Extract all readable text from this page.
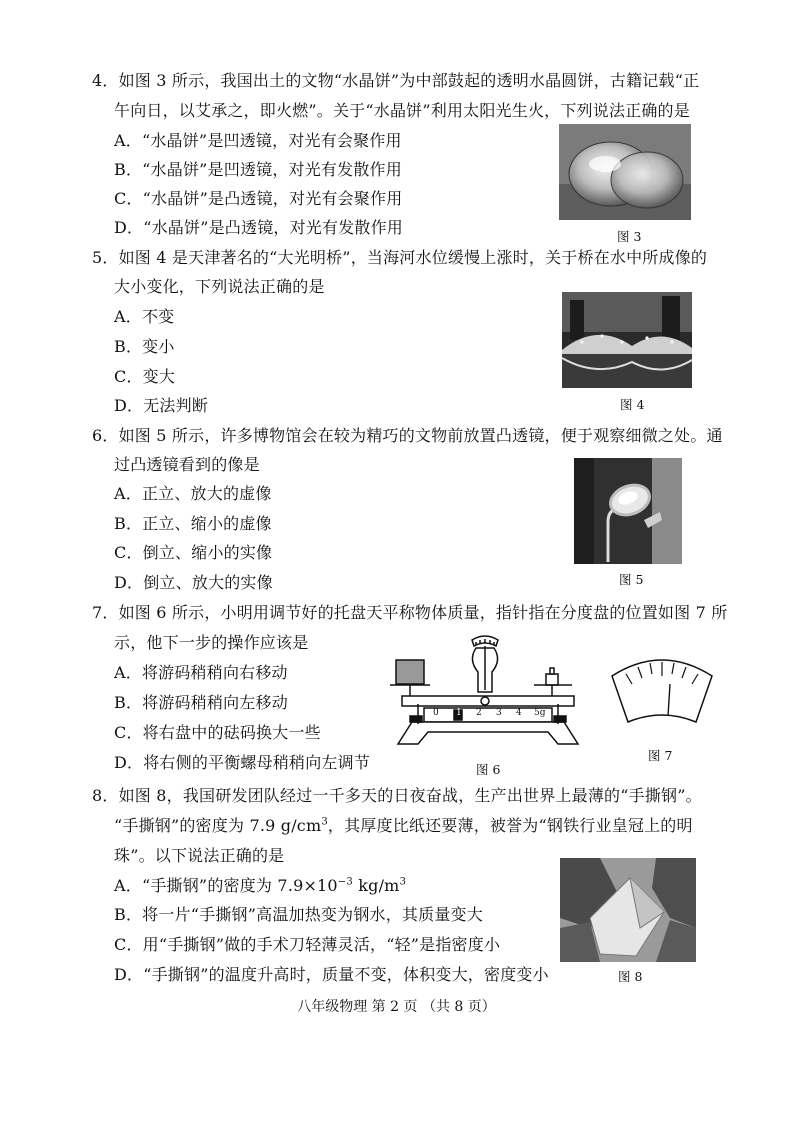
4．如图 3 所示，我国出土的文物“水晶饼”为中部鼓起的透明水晶圆饼，古籍记载“正
午向日，以艾承之，即火燃”。关于“水晶饼”利用太阳光生火，下列说法正确的是
A．“水晶饼”是凹透镜，对光有会聚作用
B．“水晶饼”是凹透镜，对光有发散作用
C．“水晶饼”是凸透镜，对光有会聚作用
D．“水晶饼”是凸透镜，对光有发散作用	图 3
5．如图 4 是天津著名的“大光明桥”，当海河水位缓慢上涨时，关于桥在水中所成像的
大小变化，下列说法正确的是
A．不变
B．变小
C．变大
D．无法判断	图 4
6．如图 5 所示，许多博物馆会在较为精巧的文物前放置凸透镜，便于观察细微之处。通
过凸透镜看到的像是
A．正立、放大的虚像
B．正立、缩小的虚像
C．倒立、缩小的实像
D．倒立、放大的实像	图 5
7．如图 6 所示，小明用调节好的托盘天平称物体质量，指针指在分度盘的位置如图 7 所
示，他下一步的操作应该是
A．将游码稍稍向右移动
B．将游码稍稍向左移动
C．将右盘中的砝码换大一些
D．将右侧的平衡螺母稍稍向左调节
0 1 2 3 4 5g
图 6
图 7
8．如图 8，我国研发团队经过一千多天的日夜奋战，生产出世界上最薄的“手撕钢”。
“手撕钢”的密度为 7.9 $g/cm^3$，其厚度比纸还要薄，被誉为“钢铁行业皇冠上的明
珠”。以下说法正确的是
A．“手撕钢”的密度为 $7.9\times 10^{-3}$ $kg/m^3$
B．将一片“手撕钢”高温加热变为钢水，其质量变大
C．用“手撕钢”做的手术刀轻薄灵活，“轻”是指密度小
D．“手撕钢”的温度升高时，质量不变，体积变大，密度变小	图 8
八年级物理 第 2 页 （共 8 页）
